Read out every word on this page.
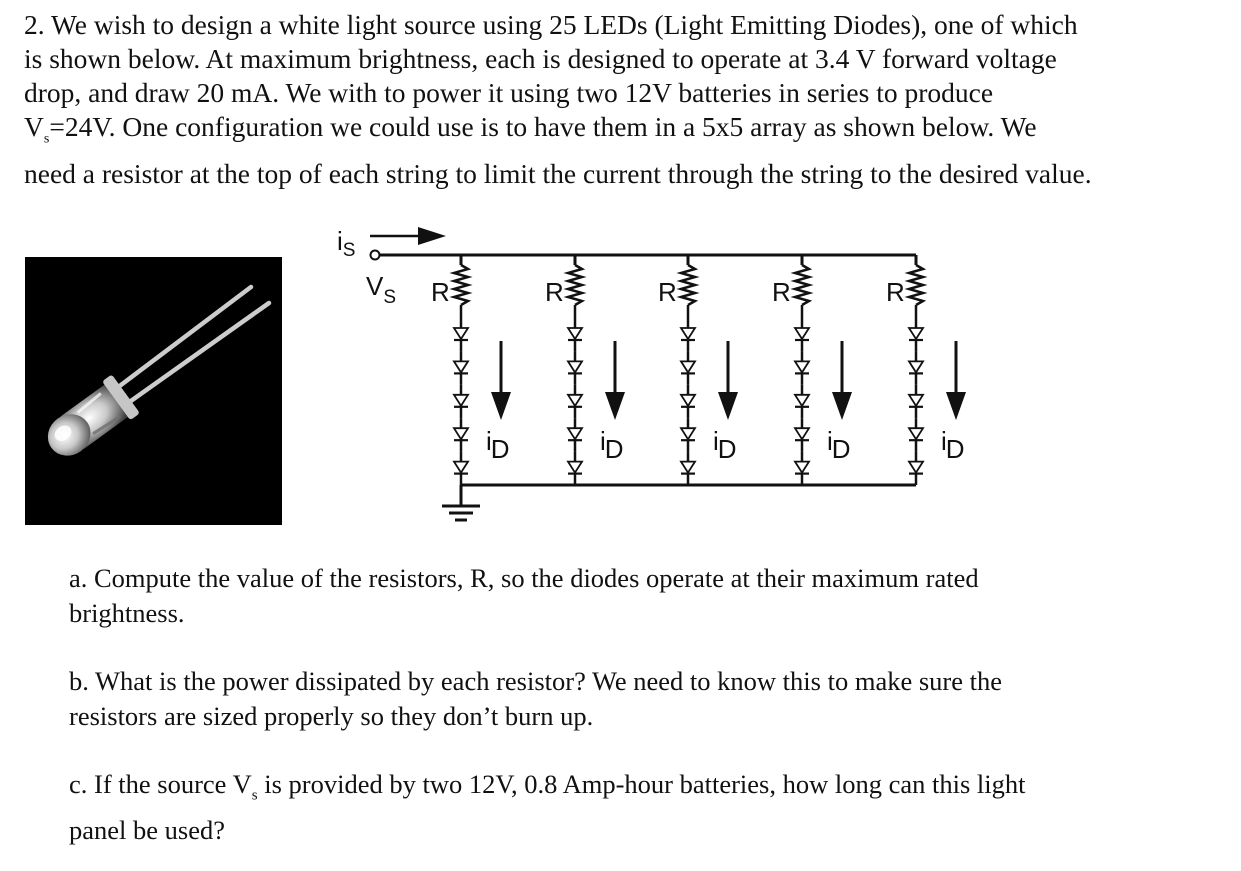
2. We wish to design a white light source using 25 LEDs (Light Emitting Diodes), one of which
is shown below. At maximum brightness, each is designed to operate at 3.4 V forward voltage
drop, and draw 20 mA. We with to power it using two 12V batteries in series to produce
$V_s=24V$. One configuration we could use is to have them in a 5x5 array as shown below. We
need a resistor at the top of each string to limit the current through the string to the desired value.
$i_S$
$V_S$ R
iD
R
iD
R
iD
R
iD
R
iD
a. Compute the value of the resistors, R, so the diodes operate at their maximum rated
brightness.
b. What is the power dissipated by each resistor? We need to know this to make sure the
resistors are sized properly so they don’t burn up.
c. If the source $V_s$ is provided by two 12V, 0.8 Amp-hour batteries, how long can this light
panel be used?
